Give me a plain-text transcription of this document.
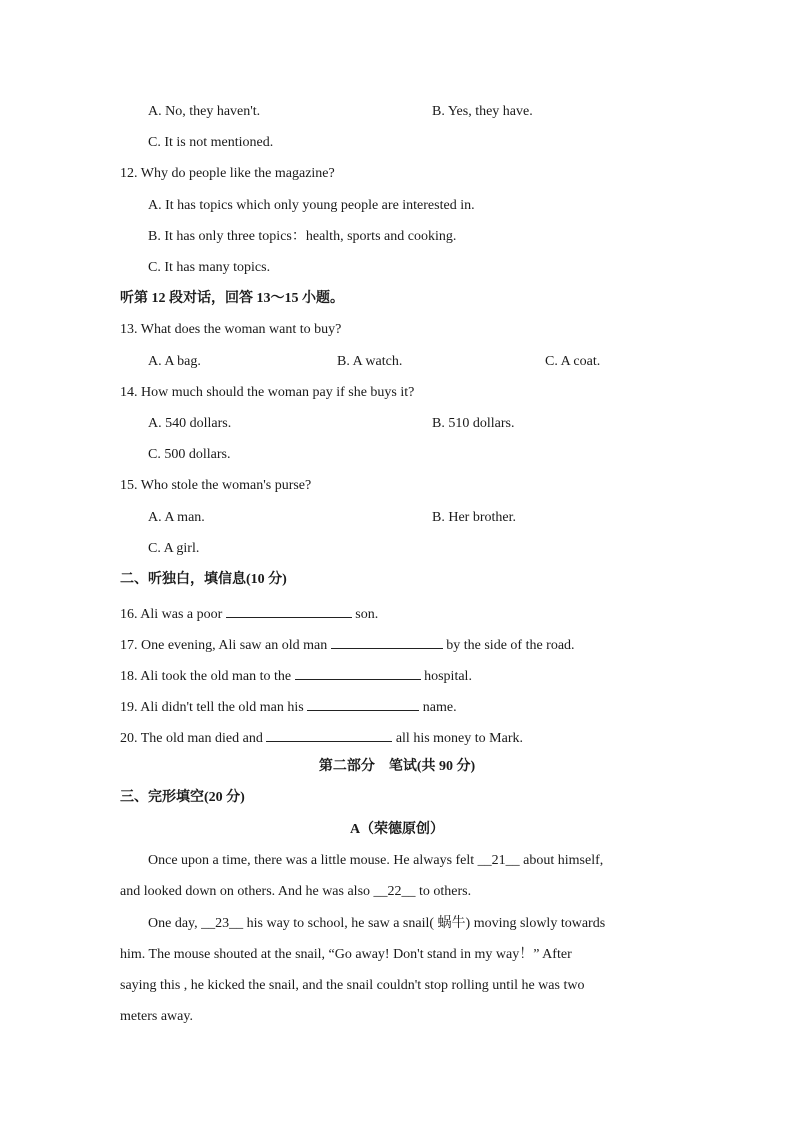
A. No, they haven't.	B. Yes, they have.
C. It is not mentioned.
12. Why do people like the magazine?
A. It has topics which only young people are interested in.
B. It has only three topics：health, sports and cooking.
C. It has many topics.
听第 12 段对话，回答 13～15 小题。
13. What does the woman want to buy?
A. A bag.	B. A watch.	C. A coat.
14. How much should the woman pay if she buys it?
A. 540 dollars.	B. 510 dollars.
C. 500 dollars.
15. Who stole the woman's purse?
A. A man.	B. Her brother.
C. A girl.
二、听独白，填信息(10 分)
16. Ali was a poor	son.
17. One evening, Ali saw an old man	by the side of the road.
18. Ali took the old man to the	hospital.
19. Ali didn't tell the old man his	name.
20. The old man died and	all his money to Mark.
第二部分　笔试(共 90 分)
三、完形填空(20 分)
A（荣德原创）
Once upon a time, there was a little mouse. He always felt __21__ about himself,
and looked down on others. And he was also __22__ to others.
One day, __23__ his way to school, he saw a snail( 蜗牛) moving slowly towards
him. The mouse shouted at the snail, “Go away! Don't stand in my way！” After
saying this , he kicked the snail, and the snail couldn't stop rolling until he was two
meters away.
